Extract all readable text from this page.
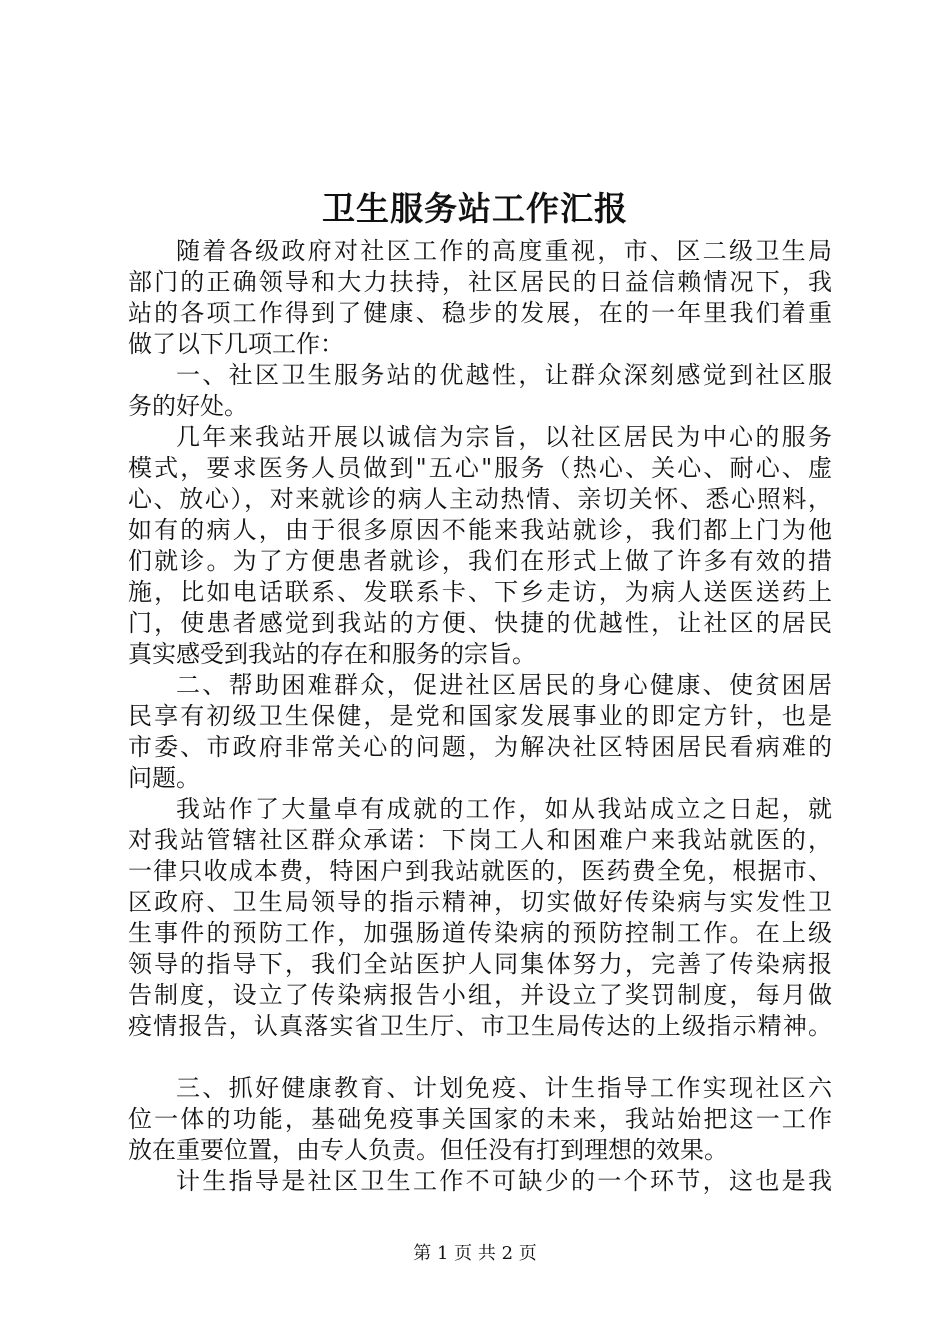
卫生服务站工作汇报
随着各级政府对社区工作的高度重视，市、区二级卫生局
部门的正确领导和大力扶持，社区居民的日益信赖情况下，我
站的各项工作得到了健康、稳步的发展，在的一年里我们着重
做了以下几项工作：
一、社区卫生服务站的优越性，让群众深刻感觉到社区服
务的好处。
几年来我站开展以诚信为宗旨，以社区居民为中心的服务
模式，要求医务人员做到"五心"服务（热心、关心、耐心、虚
心、放心），对来就诊的病人主动热情、亲切关怀、悉心照料，
如有的病人，由于很多原因不能来我站就诊，我们都上门为他
们就诊。为了方便患者就诊，我们在形式上做了许多有效的措
施，比如电话联系、发联系卡、下乡走访，为病人送医送药上
门，使患者感觉到我站的方便、快捷的优越性，让社区的居民
真实感受到我站的存在和服务的宗旨。
二、帮助困难群众，促进社区居民的身心健康、使贫困居
民享有初级卫生保健，是党和国家发展事业的即定方针，也是
市委、市政府非常关心的问题，为解决社区特困居民看病难的
问题。
我站作了大量卓有成就的工作，如从我站成立之日起，就
对我站管辖社区群众承诺：下岗工人和困难户来我站就医的，
一律只收成本费，特困户到我站就医的，医药费全免，根据市、
区政府、卫生局领导的指示精神，切实做好传染病与实发性卫
生事件的预防工作，加强肠道传染病的预防控制工作。在上级
领导的指导下，我们全站医护人同集体努力，完善了传染病报
告制度，设立了传染病报告小组，并设立了奖罚制度，每月做
疫情报告，认真落实省卫生厅、市卫生局传达的上级指示精神。
三、抓好健康教育、计划免疫、计生指导工作实现社区六
位一体的功能，基础免疫事关国家的未来，我站始把这一工作
放在重要位置，由专人负责。但任没有打到理想的效果。
计生指导是社区卫生工作不可缺少的一个环节，这也是我
第 1 页 共 2 页
